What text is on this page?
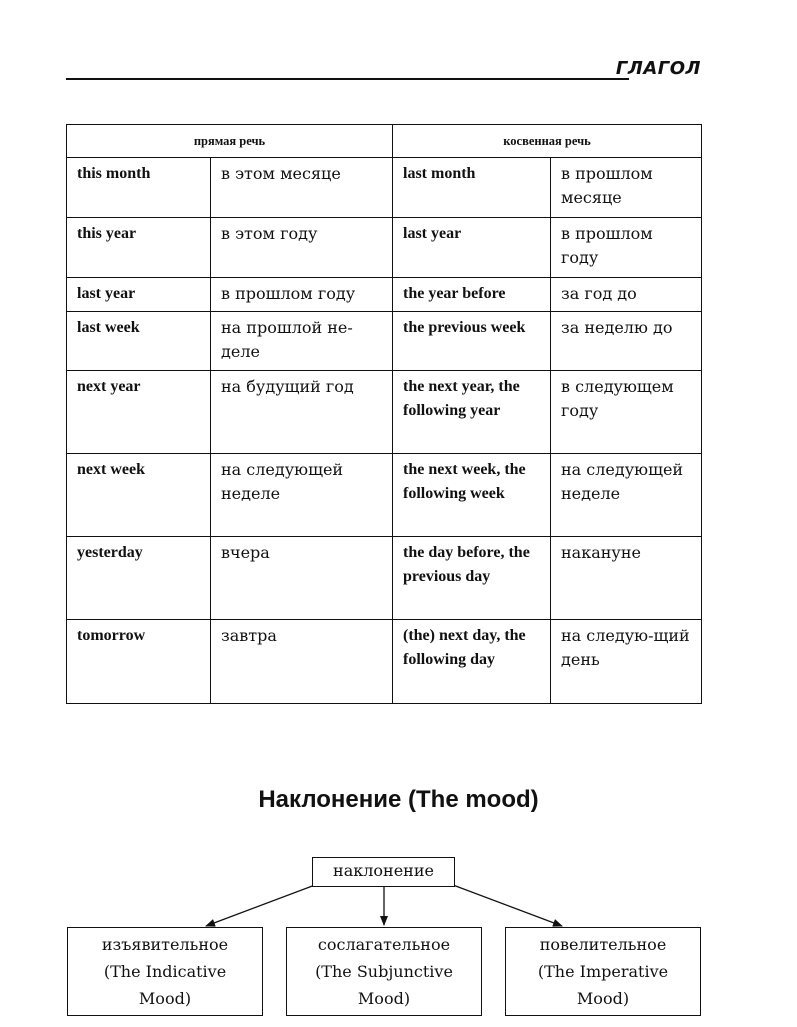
ГЛАГОЛ
прямая речь		косвенная речь	
this month	в этом месяце	last month	в прошлом месяце
this year	в этом году	last year	в прошлом году
last year	в прошлом году	the year before	за год до
last week	на прошлой не-деле	the previous week	за неделю до
next year	на будущий год	the next year, the following year	в следующем году
next week	на следующей неделе	the next week, the following week	на следующей неделе
yesterday	вчера	the day before, the previous day	накануне
tomorrow	завтра	(the) next day, the following day	на следую-щий день
Наклонение (The mood)
наклонение
изъявительное
(The Indicative
Mood)
сослагательное
(The Subjunctive
Mood)
повелительное
(The Imperative
Mood)
